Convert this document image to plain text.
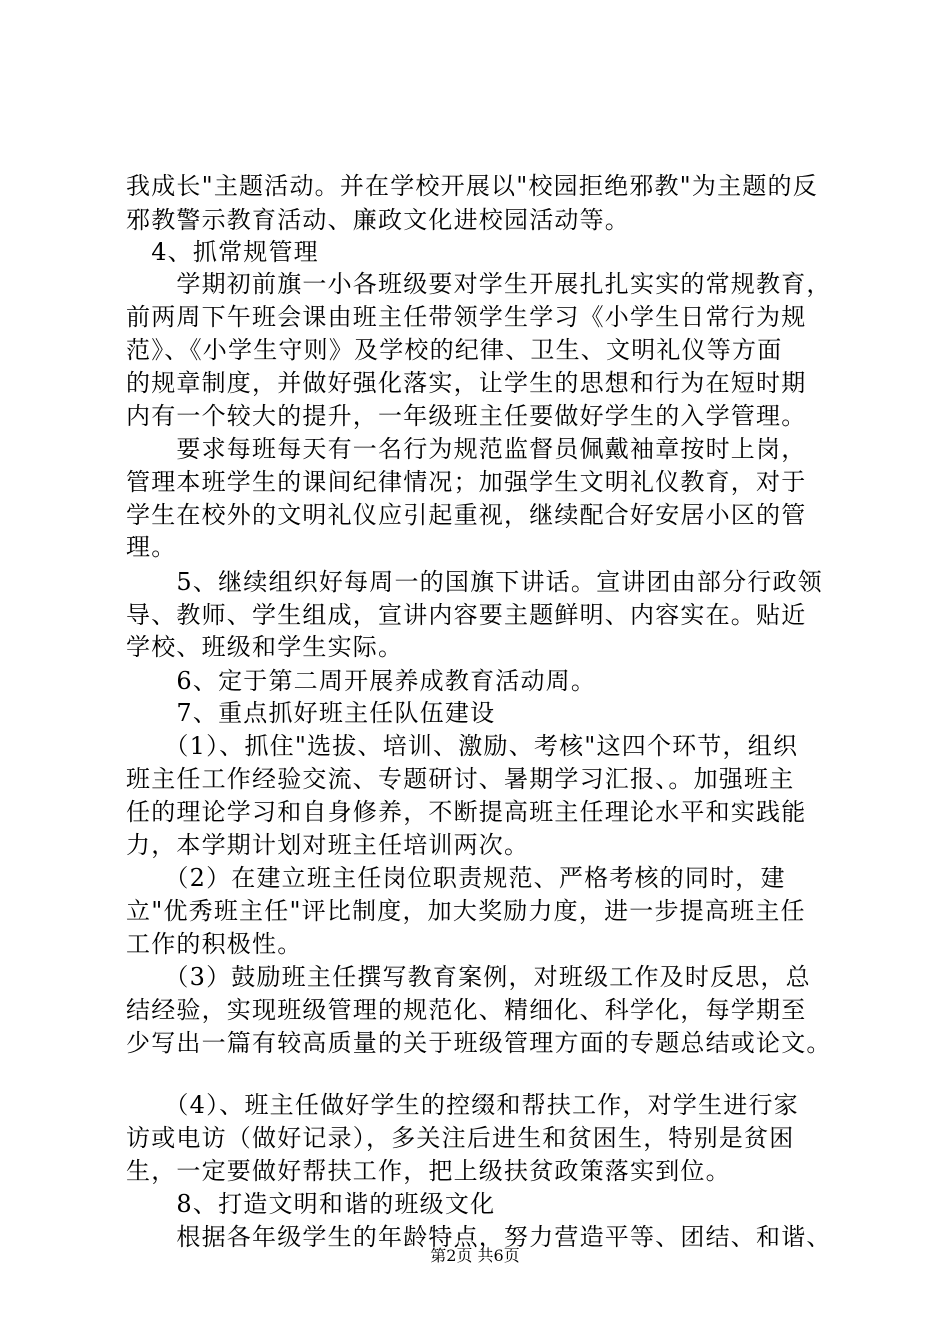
我成长"主题活动。并在学校开展以"校园拒绝邪教"为主题的反
邪教警示教育活动、廉政文化进校园活动等。
　4、抓常规管理
　　学期初前旗一小各班级要对学生开展扎扎实实的常规教育，
前两周下午班会课由班主任带领学生学习《小学生日常行为规
范》、《小学生守则》及学校的纪律、卫生、文明礼仪等方面
的规章制度，并做好强化落实，让学生的思想和行为在短时期
内有一个较大的提升，一年级班主任要做好学生的入学管理。
　　要求每班每天有一名行为规范监督员佩戴袖章按时上岗，
管理本班学生的课间纪律情况；加强学生文明礼仪教育，对于
学生在校外的文明礼仪应引起重视，继续配合好安居小区的管
理。
　　5、继续组织好每周一的国旗下讲话。宣讲团由部分行政领
导、教师、学生组成，宣讲内容要主题鲜明、内容实在。贴近
学校、班级和学生实际。
　　6、定于第二周开展养成教育活动周。
　　7、重点抓好班主任队伍建设
　　（1）、抓住"选拔、培训、激励、考核"这四个环节，组织
班主任工作经验交流、专题研讨、暑期学习汇报、。加强班主
任的理论学习和自身修养，不断提高班主任理论水平和实践能
力，本学期计划对班主任培训两次。
　　（2）在建立班主任岗位职责规范、严格考核的同时，建
立"优秀班主任"评比制度，加大奖励力度，进一步提高班主任
工作的积极性。
　　（3）鼓励班主任撰写教育案例，对班级工作及时反思，总
结经验，实现班级管理的规范化、精细化、科学化，每学期至
少写出一篇有较高质量的关于班级管理方面的专题总结或论文。
　　（4）、班主任做好学生的控缀和帮扶工作，对学生进行家
访或电访（做好记录），多关注后进生和贫困生，特别是贫困
生，一定要做好帮扶工作，把上级扶贫政策落实到位。
　　8、打造文明和谐的班级文化
　　根据各年级学生的年龄特点，努力营造平等、团结、和谐、
第2页 共6页
